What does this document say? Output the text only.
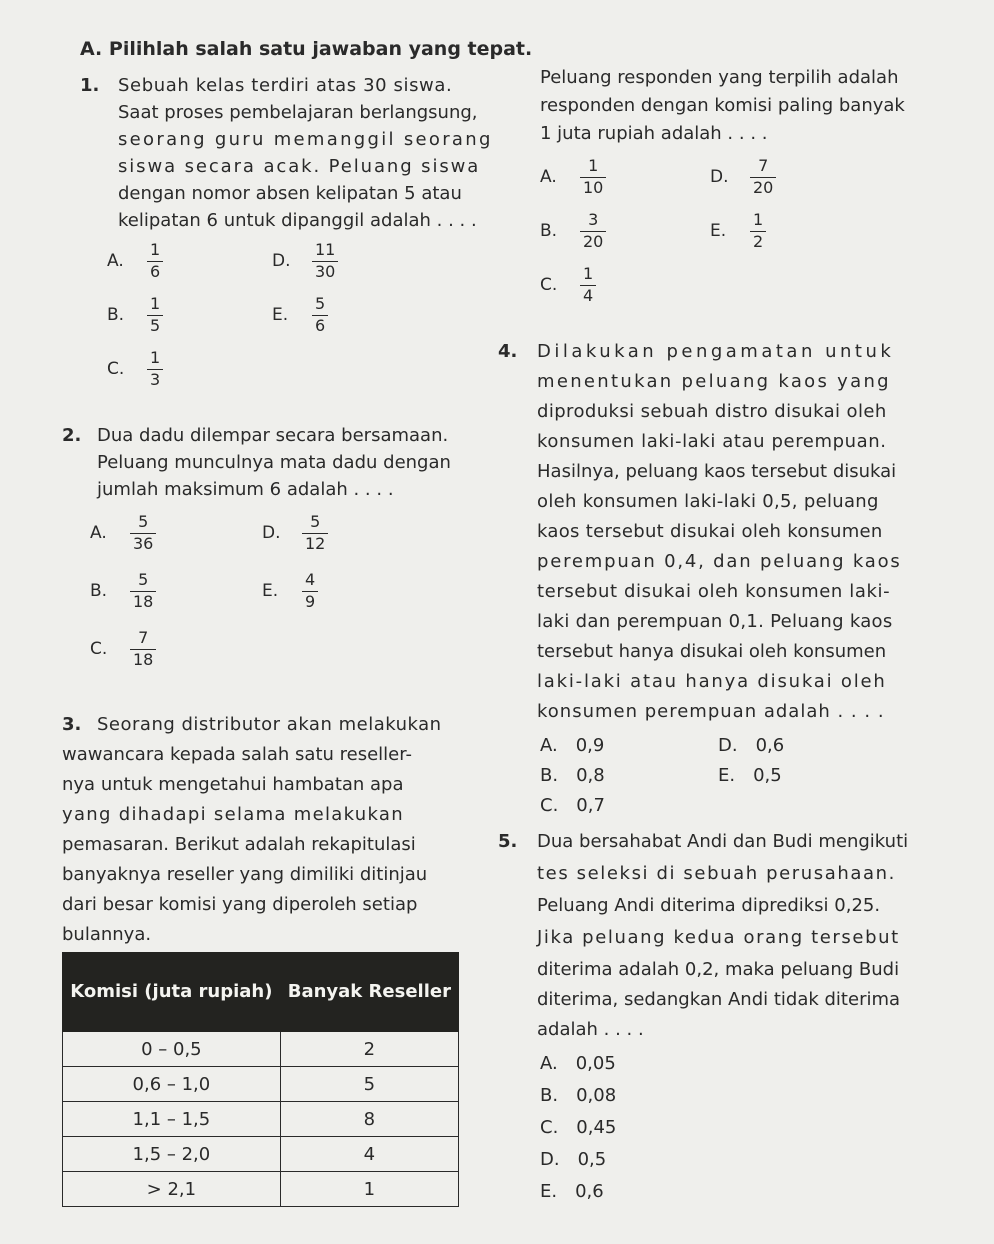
A. Pilihlah salah satu jawaban yang tepat.
1. Sebuah kelas terdiri atas 30 siswa.
Saat proses pembelajaran berlangsung,
seorang guru memanggil seorang
siswa secara acak. Peluang siswa
dengan nomor absen kelipatan 5 atau
kelipatan 6 untuk dipanggil adalah . . . .
A. $\frac{1}{6}$
B. $\frac{1}{5}$
C. $\frac{1}{3}$
D. $\frac{11}{30}$
E. $\frac{5}{6}$
2. Dua dadu dilempar secara bersamaan.
Peluang munculnya mata dadu dengan
jumlah maksimum 6 adalah . . . .
A. $\frac{5}{36}$
B. $\frac{5}{18}$
C. $\frac{7}{18}$
D. $\frac{5}{12}$
E. $\frac{4}{9}$
3. Seorang distributor akan melakukan
wawancara kepada salah satu reseller-
nya untuk mengetahui hambatan apa
yang dihadapi selama melakukan
pemasaran. Berikut adalah rekapitulasi
banyaknya reseller yang dimiliki ditinjau
dari besar komisi yang diperoleh setiap
bulannya.
Komisi (juta rupiah)	Banyak Reseller
0 – 0,5	2
0,6 – 1,0	5
1,1 – 1,5	8
1,5 – 2,0	4
> 2,1	1
Peluang responden yang terpilih adalah
responden dengan komisi paling banyak
1 juta rupiah adalah . . . .
A. $\frac{1}{10}$
B. $\frac{3}{20}$
C. $\frac{1}{4}$
D. $\frac{7}{20}$
E. $\frac{1}{2}$
4. Dilakukan pengamatan untuk
menentukan peluang kaos yang
diproduksi sebuah distro disukai oleh
konsumen laki-laki atau perempuan.
Hasilnya, peluang kaos tersebut disukai
oleh konsumen laki-laki 0,5, peluang
kaos tersebut disukai oleh konsumen
perempuan 0,4, dan peluang kaos
tersebut disukai oleh konsumen laki-
laki dan perempuan 0,1. Peluang kaos
tersebut hanya disukai oleh konsumen
laki-laki atau hanya disukai oleh
konsumen perempuan adalah . . . .
A. 0,9
B. 0,8
C. 0,7
D. 0,6
E. 0,5
5. Dua bersahabat Andi dan Budi mengikuti
tes seleksi di sebuah perusahaan.
Peluang Andi diterima diprediksi 0,25.
Jika peluang kedua orang tersebut
diterima adalah 0,2, maka peluang Budi
diterima, sedangkan Andi tidak diterima
adalah . . . .
A. 0,05
B. 0,08
C. 0,45
D. 0,5
E. 0,6
